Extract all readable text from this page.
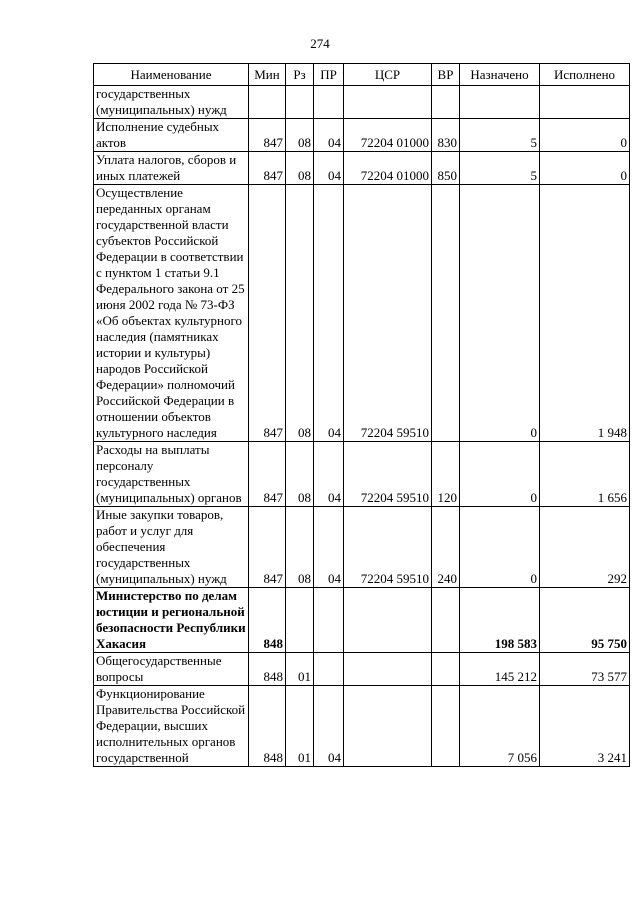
274
Наименование	Мин	Рз	ПР	ЦСР	ВР	Назначено	Исполнено
государственных (муниципальных) нужд							
Исполнение судебных актов	847	08	04	72204 01000	830	5	0
Уплата налогов, сборов и иных платежей	847	08	04	72204 01000	850	5	0
Осуществление переданных органам государственной власти субъектов Российской Федерации в соответствии с пунктом 1 статьи 9.1 Федерального закона от 25 июня 2002 года № 73-ФЗ «Об объектах культурного наследия (памятниках истории и культуры) народов Российской Федерации» полномочий Российской Федерации в отношении объектов культурного наследия	847	08	04	72204 59510		0	1 948
Расходы на выплаты персоналу государственных (муниципальных) органов	847	08	04	72204 59510	120	0	1 656
Иные закупки товаров, работ и услуг для обеспечения государственных (муниципальных) нужд	847	08	04	72204 59510	240	0	292
Министерство по делам юстиции и региональной безопасности Республики Хакасия	848					198 583	95 750
Общегосударственные вопросы	848	01				145 212	73 577
Функционирование Правительства Российской Федерации, высших исполнительных органов государственной	848	01	04			7 056	3 241
